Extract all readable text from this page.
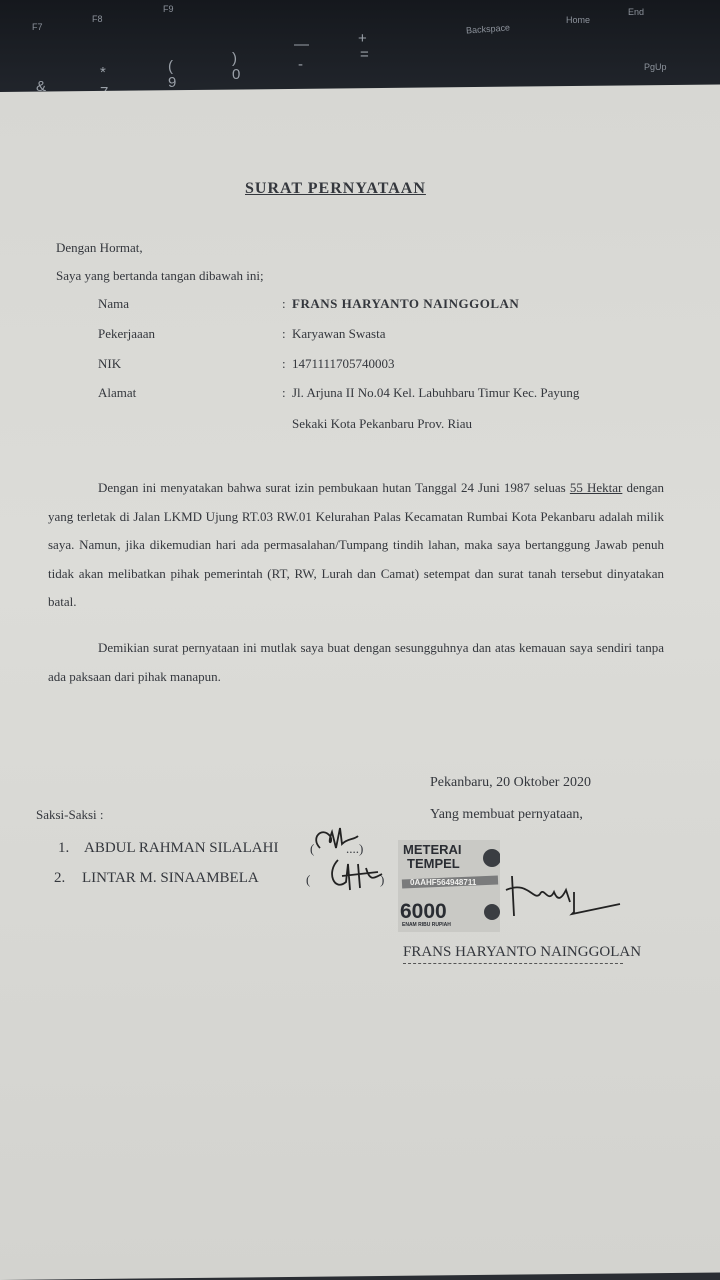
F7
F8
F9
Backspace
Home
End
PgUp
&
*	(
9
)
0
—
-
+
=
SURAT PERNYATAAN
Dengan Hormat,
Saya yang bertanda tangan dibawah ini;
Nama	: FRANS HARYANTO NAINGGOLAN
Pekerjaaan	: Karyawan Swasta
NIK	: 1471111705740003
Alamat	: Jl. Arjuna II No.04 Kel. Labuhbaru Timur Kec. Payung
Sekaki Kota Pekanbaru Prov. Riau
Dengan ini menyatakan bahwa surat izin pembukaan hutan Tanggal 24 Juni 1987 seluas 55 Hektar dengan yang terletak di Jalan LKMD Ujung RT.03 RW.01 Kelurahan Palas Kecamatan Rumbai Kota Pekanbaru adalah milik saya. Namun, jika dikemudian hari ada permasalahan/Tumpang tindih lahan, maka saya bertanggung Jawab penuh tidak akan melibatkan pihak pemerintah (RT, RW, Lurah dan Camat) setempat dan surat tanah tersebut dinyatakan batal.
Demikian surat pernyataan ini mutlak saya buat dengan sesungguhnya dan atas kemauan saya sendiri tanpa ada paksaan dari pihak manapun.
Pekanbaru, 20 Oktober 2020
Yang membuat pernyataan,
Saksi-Saksi :
1. ABDUL RAHMAN SILALAHI ( ....)
2. LINTAR M. SINAAMBELA	(	)
METERAI
TEMPEL
0AAHF564948711
6000
ENAM RIBU RUPIAH
FRANS HARYANTO NAINGGOLAN
